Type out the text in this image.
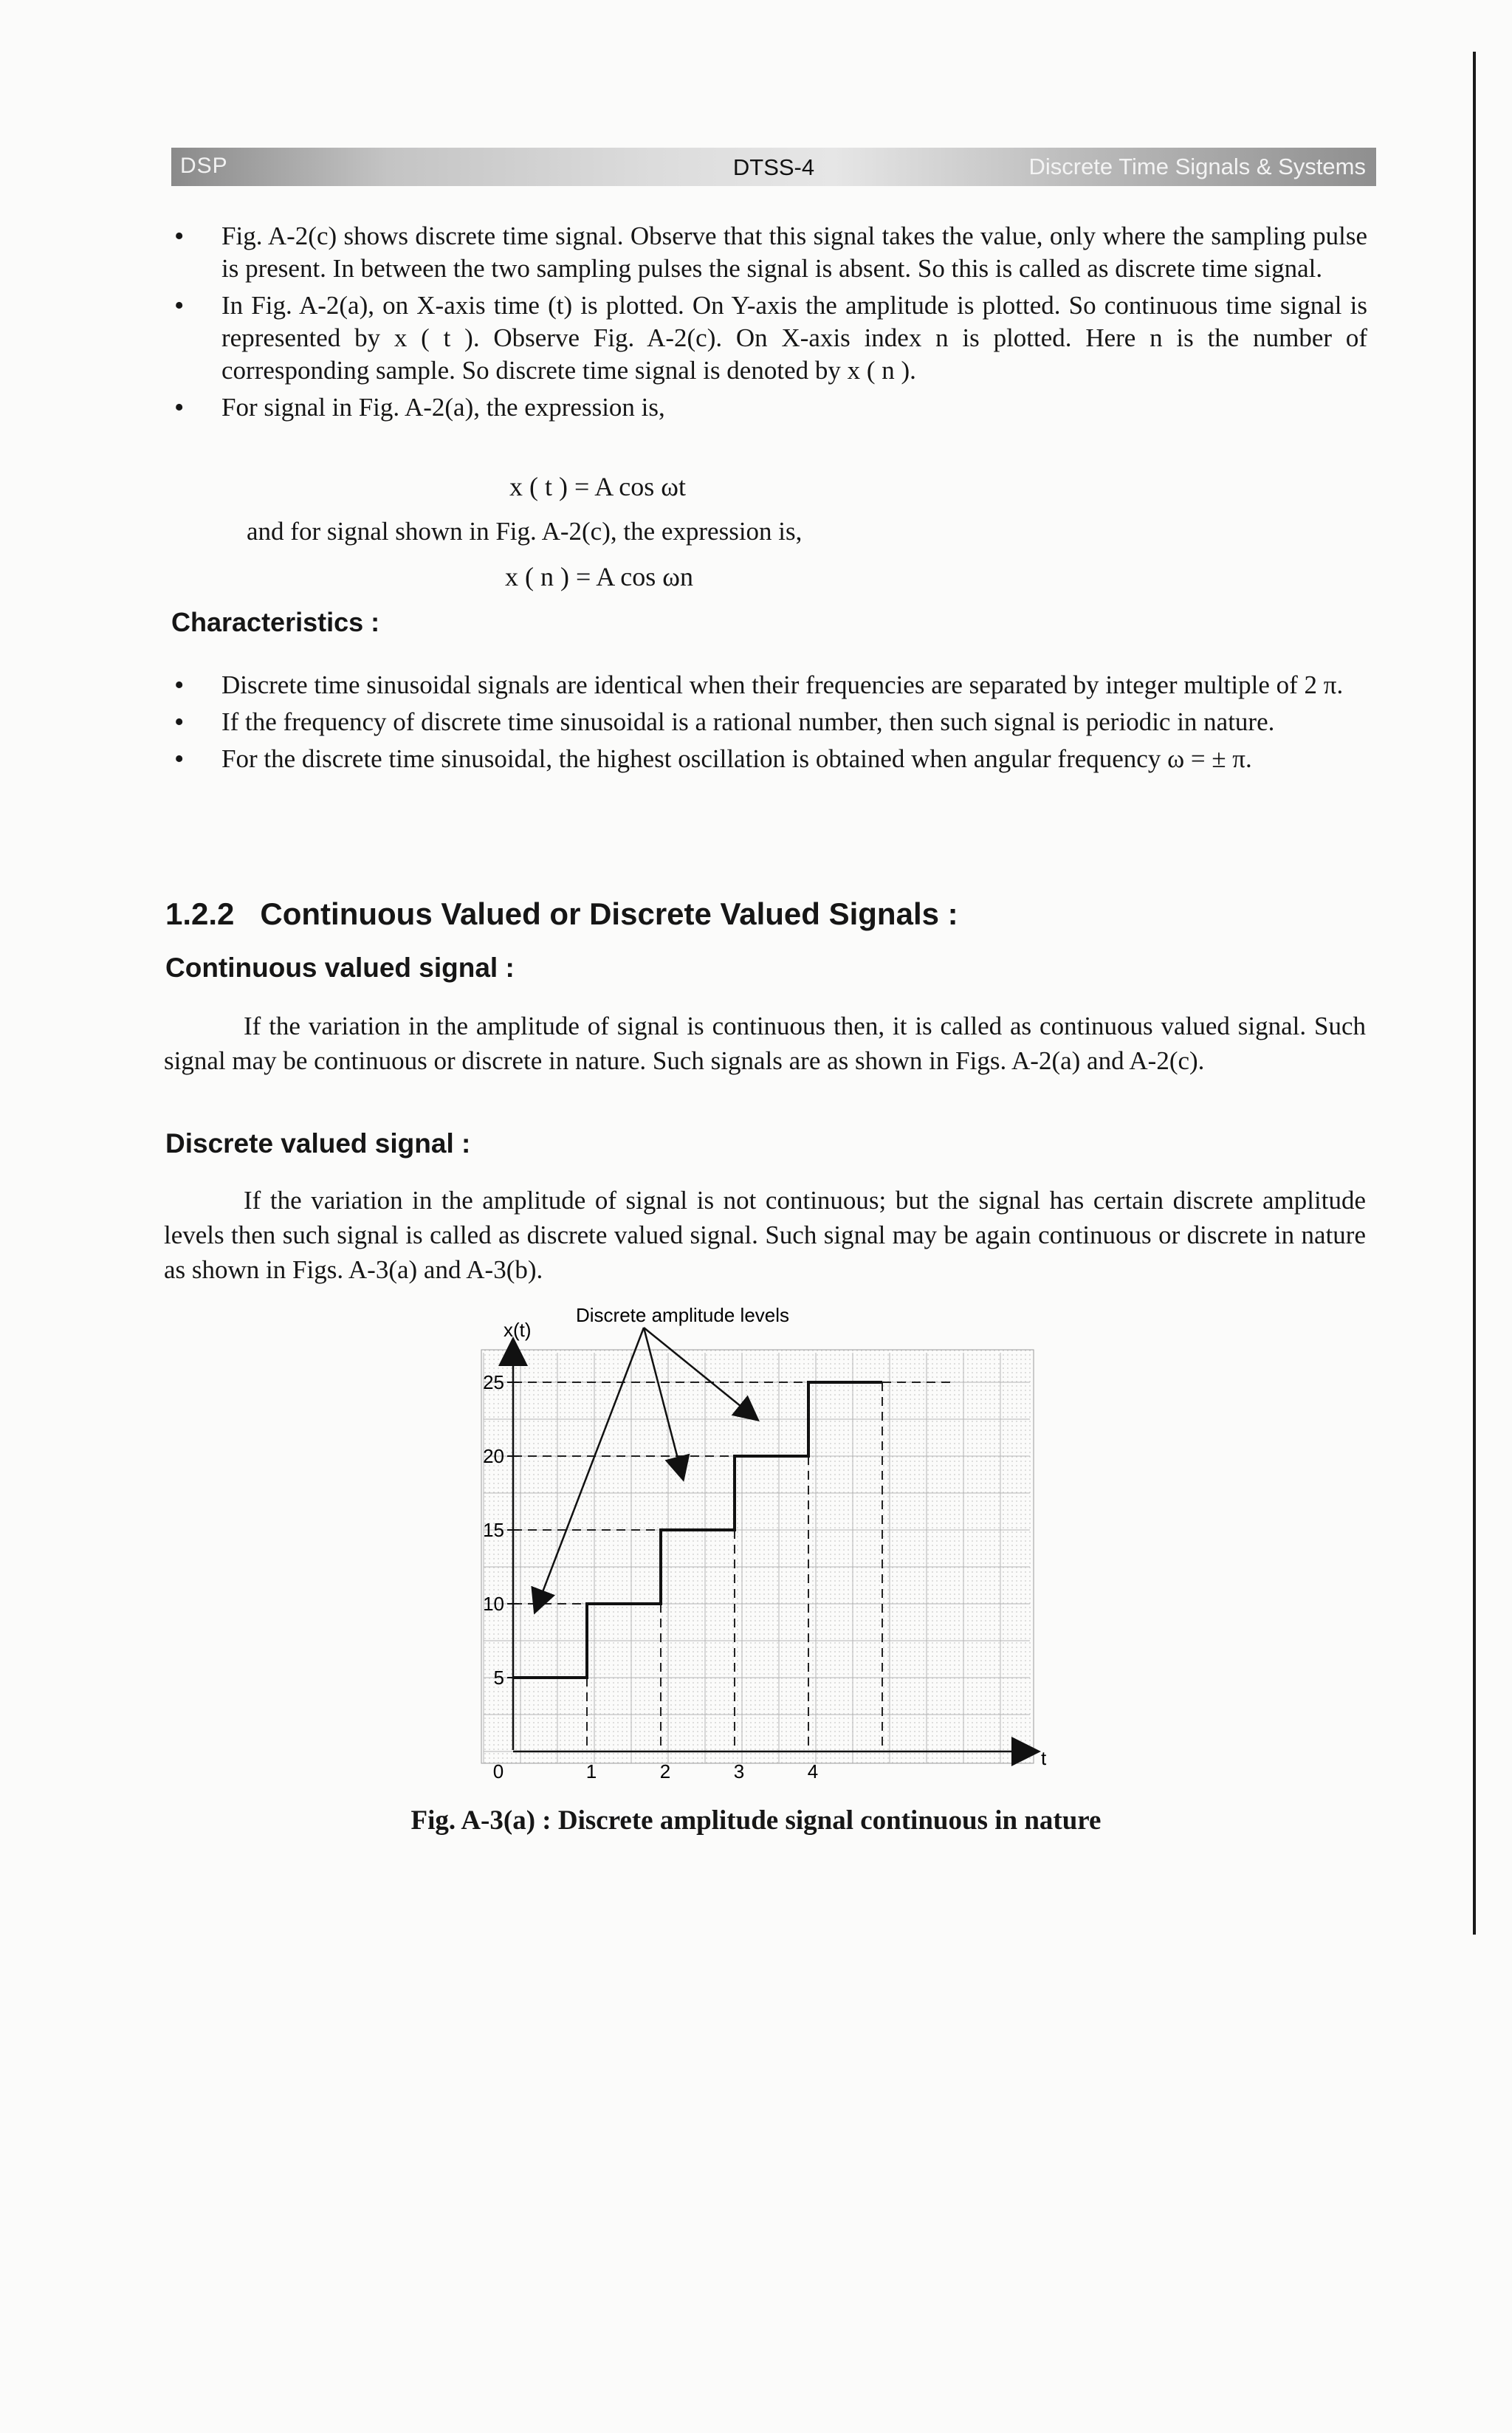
DSP	DTSS-4	Discrete Time Signals & Systems
• Fig. A-2(c) shows discrete time signal. Observe that this signal takes the value, only where the sampling pulse is present. In between the two sampling pulses the signal is absent. So this is called as discrete time signal.
• In Fig. A-2(a), on X-axis time (t) is plotted. On Y-axis the amplitude is plotted. So continuous time signal is represented by x ( t ). Observe Fig. A-2(c). On X-axis index n is plotted. Here n is the number of corresponding sample. So discrete time signal is denoted by x ( n ).
• For signal in Fig. A-2(a), the expression is,
x ( t ) = A cos ωt
and for signal shown in Fig. A-2(c), the expression is,
x ( n ) = A cos ωn
Characteristics :
• Discrete time sinusoidal signals are identical when their frequencies are separated by integer multiple of 2 π.
• If the frequency of discrete time sinusoidal is a rational number, then such signal is periodic in nature.
• For the discrete time sinusoidal, the highest oscillation is obtained when angular frequency ω = ± π.
1.2.2   Continuous Valued or Discrete Valued Signals :
Continuous valued signal :

If the variation in the amplitude of signal is continuous then, it is called as continuous valued signal. Such signal may be continuous or discrete in nature. Such signals are as shown in Figs. A-2(a) and A-2(c).

Discrete valued signal :

If the variation in the amplitude of signal is not continuous; but the signal has certain discrete amplitude levels then such signal is called as discrete valued signal. Such signal may be again continuous or discrete in nature as shown in Figs. A-3(a) and A-3(b).

5
10
15
20
25
0	1	2	3	4
x(t)
t
Discrete amplitude levels
Fig. A-3(a) : Discrete amplitude signal continuous in nature
